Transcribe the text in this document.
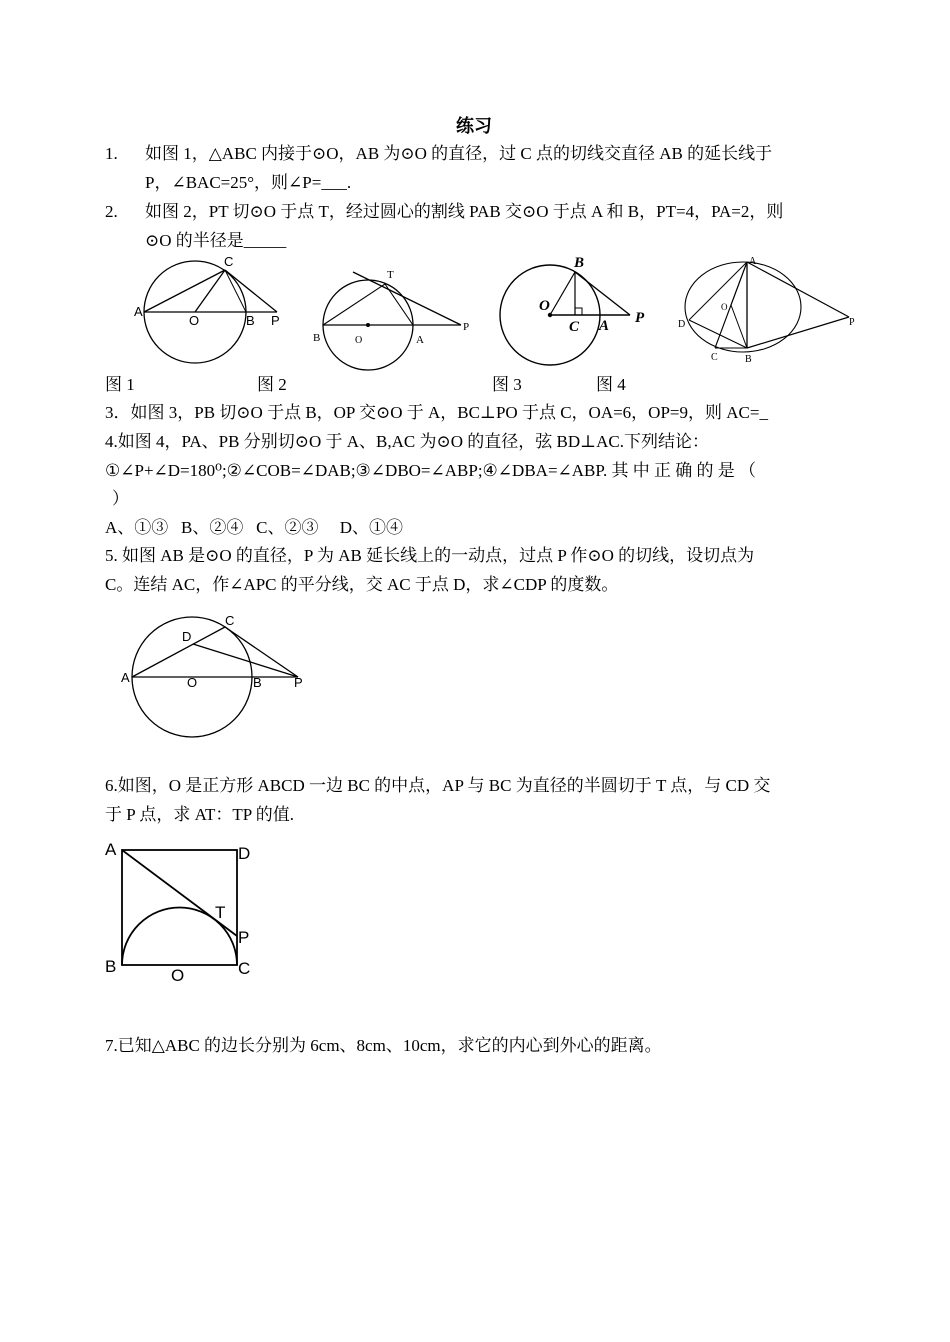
练习
1. 如图 1，△ABC 内接于⊙O，AB 为⊙O 的直径，过 C 点的切线交直径 AB 的延长线于
P，∠BAC=25°，则∠P=___.
2. 如图 2，PT 切⊙O 于点 T，经过圆心的割线 PAB 交⊙O 于点 A 和 B，PT=4，PA=2，则
⊙O 的半径是_____
A
O	B P
C
T
B	O	A
P
B
O
C A P
A
D
O
P
C	B
图 1	图 2	图 3	图 4
3．如图 3，PB 切⊙O 于点 B，OP 交⊙O 于 A，BC⊥PO 于点 C，OA=6，OP=9，则 AC=_
4.如图 4，PA、PB 分别切⊙O 于 A、B,AC 为⊙O 的直径，弦 BD⊥AC.下列结论：
①∠P+∠D=180⁰;②∠COB=∠DAB;③∠DBO=∠ABP;④∠DBA=∠ABP. 其 中 正 确 的 是 （
）
A、①③   B、②④   C、②③     D、①④
5. 如图 AB 是⊙O 的直径，P 为 AB 延长线上的一动点，过点 P 作⊙O 的切线，设切点为
C。连结 AC，作∠APC 的平分线，交 AC 于点 D，求∠CDP 的度数。
A	O	B P
C
D
6.如图，O 是正方形 ABCD 一边 BC 的中点，AP 与 BC 为直径的半圆切于 T 点，与 CD 交
于 P 点，求 AT：TP 的值.
A	D
T
P
B	O	C
7.已知△ABC 的边长分别为 6cm、8cm、10cm，求它的内心到外心的距离。
